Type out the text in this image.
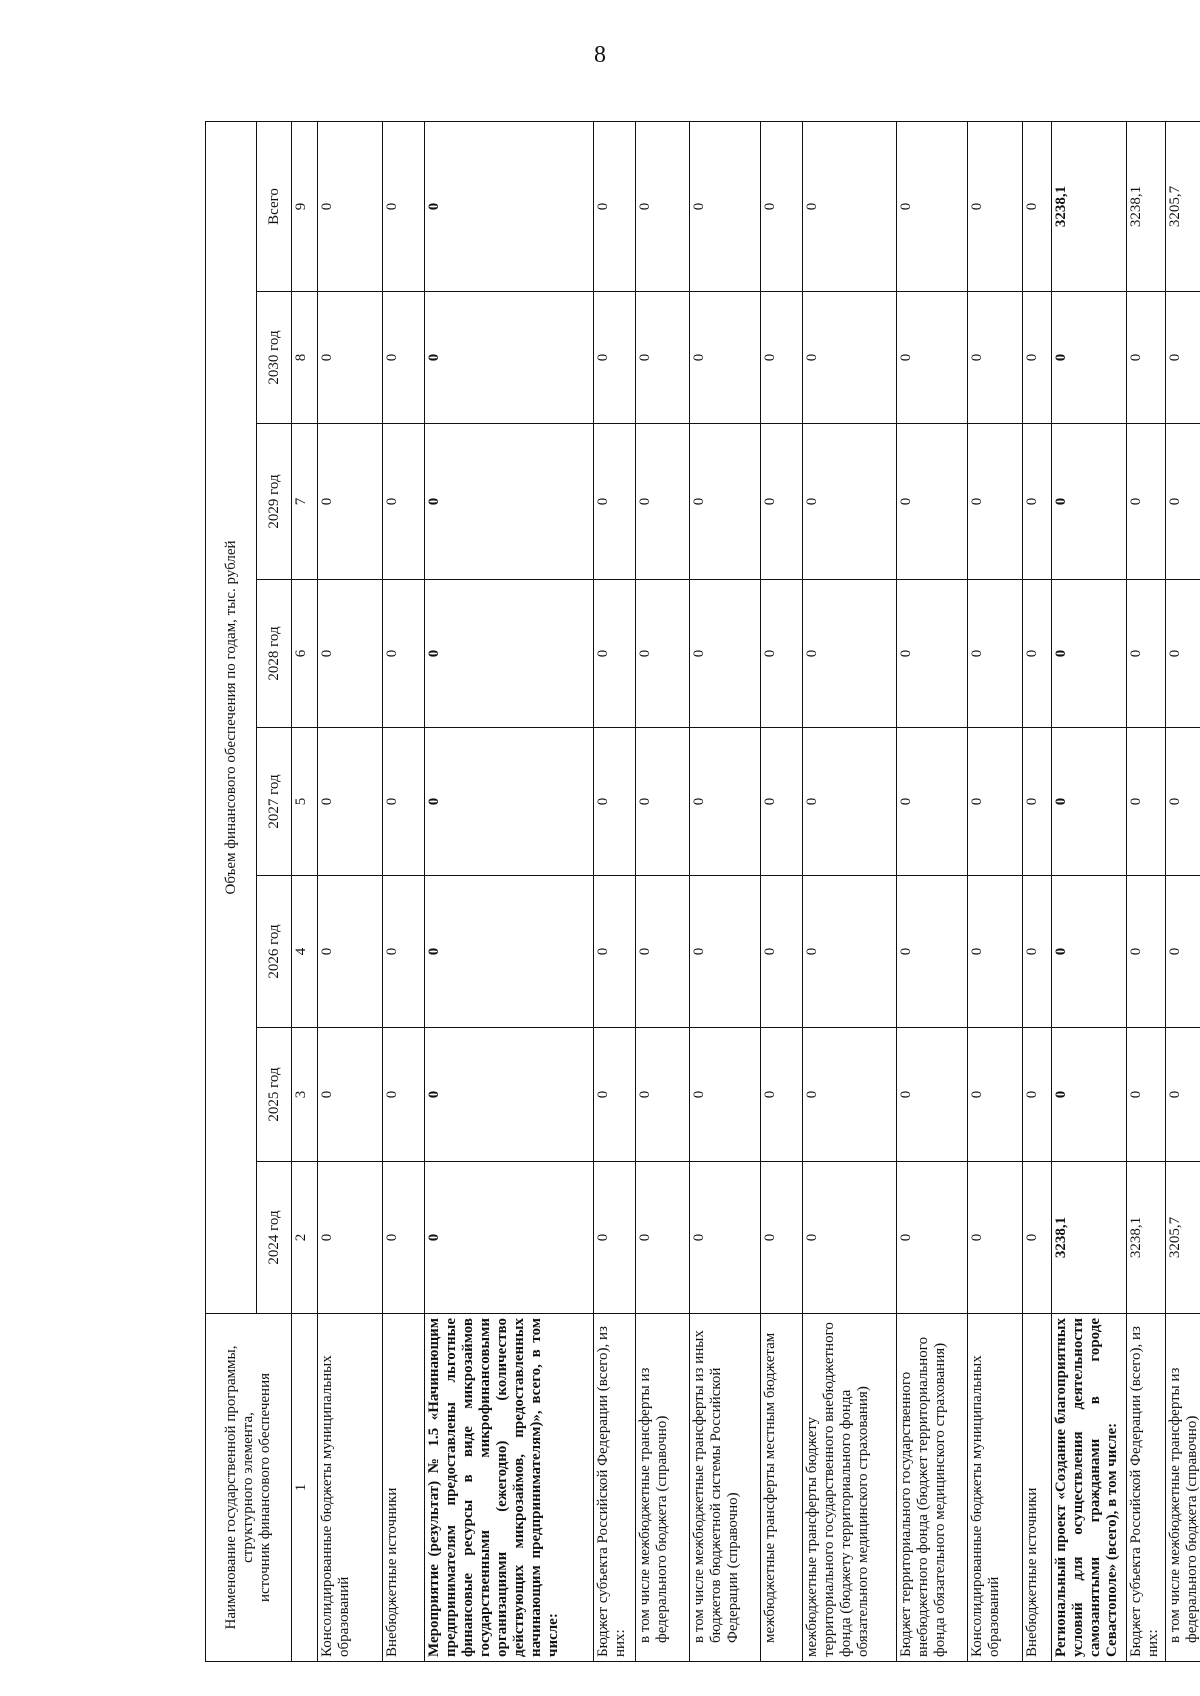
8
Наименование государственной программы, структурного элемента,
источник финансового обеспечения	Объем финансового обеспечения по годам, тыс. рублей							
	2024 год	2025 год	2026 год	2027 год	2028 год	2029 год	2030 год	Всего
1	2	3	4	5	6	7	8	9
Консолидированные бюджеты муниципальных образований	0	0	0	0	0	0	0	0
Внебюджетные источники	0	0	0	0	0	0	0	0
Мероприятие (результат) № 1.5 «Начинающим предпринимателям предоставлены льготные финансовые ресурсы в виде микрозаймов государственными микрофинансовыми организациями (ежегодно) (количество действующих микрозаймов, предоставленных начинающим предпринимателям)», всего, в том числе:	0	0	0	0	0	0	0	0
Бюджет субъекта Российской Федерации (всего), из них:	0	0	0	0	0	0	0	0
в том числе межбюджетные трансферты из федерального бюджета (справочно)	0	0	0	0	0	0	0	0
в том числе межбюджетные трансферты из иных бюджетов бюджетной системы Российской Федерации (справочно)	0	0	0	0	0	0	0	0
межбюджетные трансферты местным бюджетам	0	0	0	0	0	0	0	0
межбюджетные трансферты бюджету территориального государственного внебюджетного фонда (бюджету территориального фонда обязательного медицинского страхования)	0	0	0	0	0	0	0	0
Бюджет территориального государственного внебюджетного фонда (бюджет территориального фонда обязательного медицинского страхования)	0	0	0	0	0	0	0	0
Консолидированные бюджеты муниципальных образований	0	0	0	0	0	0	0	0
Внебюджетные источники	0	0	0	0	0	0	0	0
Региональный проект «Создание благоприятных условий для осуществления деятельности самозанятыми гражданами в городе Севастополе» (всего), в том числе:	3238,1	0	0	0	0	0	0	3238,1
Бюджет субъекта Российской Федерации (всего), из них:	3238,1	0	0	0	0	0	0	3238,1
в том числе межбюджетные трансферты из федерального бюджета (справочно)	3205,7	0	0	0	0	0	0	3205,7
